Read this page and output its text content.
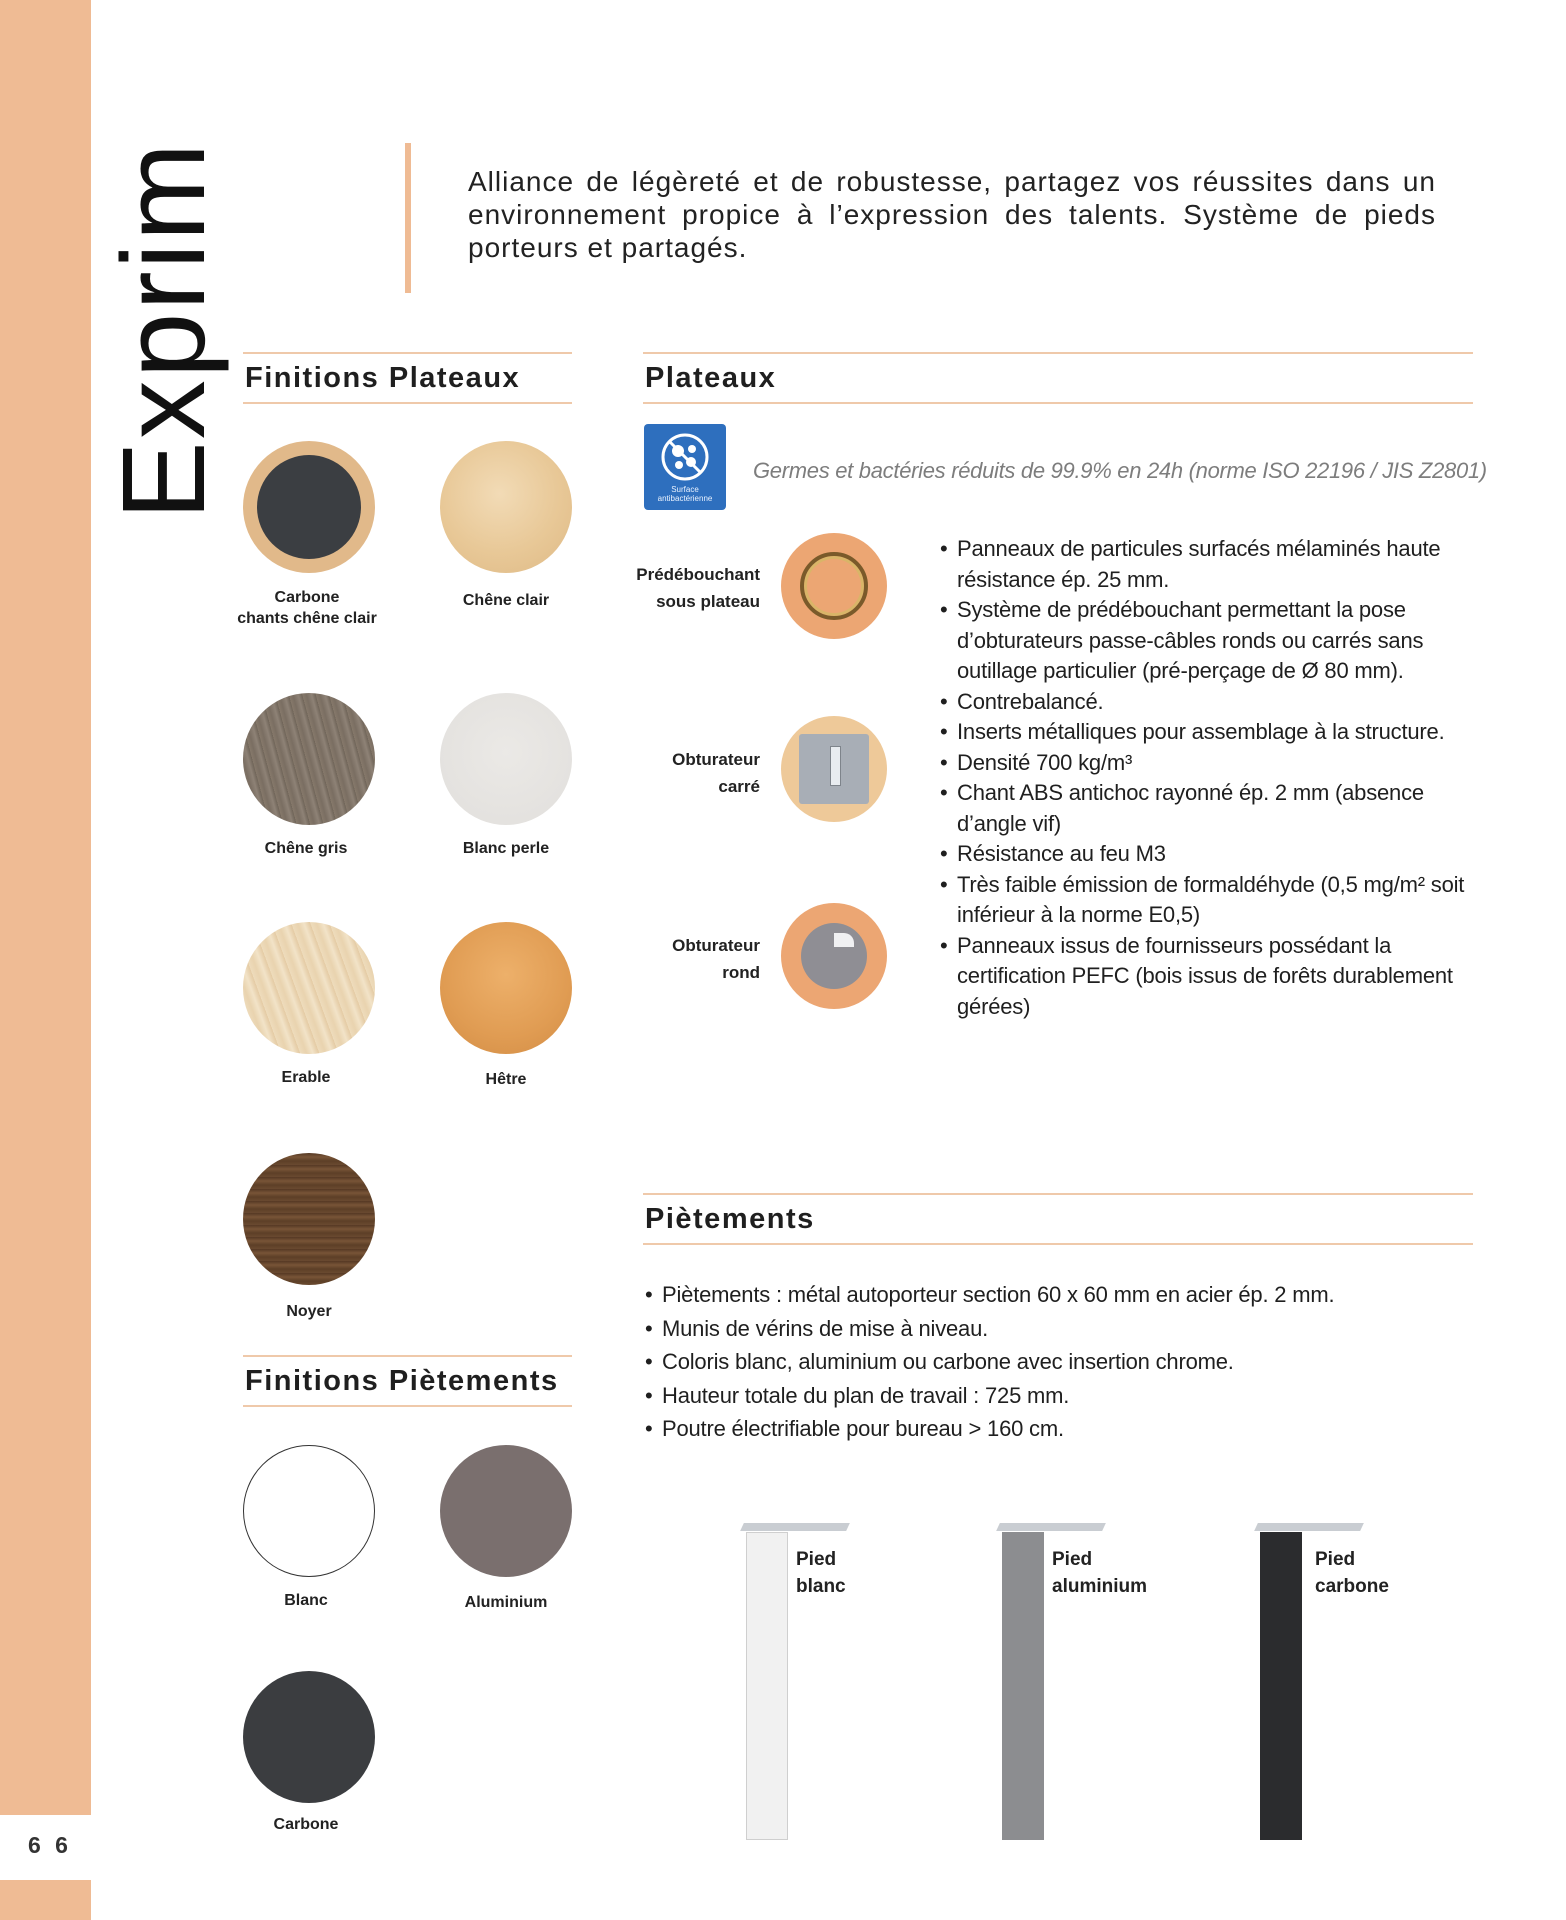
6 6
Exprim	Alliance de légèreté et de robustesse, partagez vos réussites dans un environnement propice à l’expression des talents. Système de pieds porteurs et partagés.
Finitions Plateaux
Carbone
chants chêne clair
Chêne clair
Chêne gris	Blanc perle
Erable	Hêtre
Noyer
Finitions Piètements
Blanc	Aluminium
Carbone
Plateaux
Surface
antibactérienne
Germes et bactéries réduits de 99.9% en 24h (norme ISO 22196 / JIS Z2801)
Prédébouchant
sous plateau
Obturateur
carré
Obturateur
rond
• Panneaux de particules surfacés mélaminés haute résistance ép. 25 mm.
• Système de prédébouchant permettant la pose d’obturateurs passe-câbles ronds ou carrés sans outillage particulier (pré-perçage de Ø 80 mm).
• Contrebalancé.
• Inserts métalliques pour assemblage à la structure.
• Densité 700 kg/m³
• Chant ABS antichoc rayonné ép. 2 mm (absence d’angle vif)
• Résistance au feu M3
• Très faible émission de formaldéhyde (0,5 mg/m² soit inférieur à la norme E0,5)
• Panneaux issus de fournisseurs possédant la certification PEFC (bois issus de forêts durablement gérées)
Piètements
• Piètements : métal autoporteur section 60 x 60 mm en acier ép. 2 mm.
• Munis de vérins de mise à niveau.
• Coloris blanc, aluminium ou carbone avec insertion chrome.
• Hauteur totale du plan de travail : 725 mm.
• Poutre électrifiable pour bureau > 160 cm.
Pied
blanc
Pied
aluminium
Pied
carbone
